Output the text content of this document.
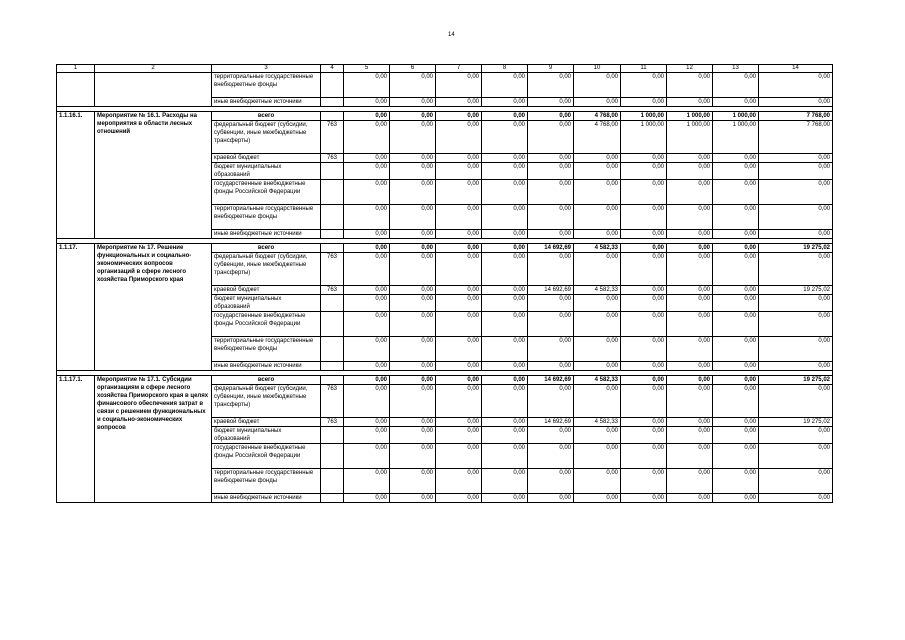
14
1	2	3	4	5	6	7	8	9	10	11	12	13	14
		территориальные государственные внебюджетные фонды		0,00	0,00	0,00	0,00	0,00	0,00	0,00	0,00	0,00	0,00
		иные внебюджетные источники		0,00	0,00	0,00	0,00	0,00	0,00	0,00	0,00	0,00	0,00

1.1.16.1.	Мероприятие № 16.1. Расходы на мероприятия в области лесных отношений	всего		0,00	0,00	0,00	0,00	0,00	4 768,00	1 000,00	1 000,00	1 000,00	7 768,00
		федеральный бюджет (субсидии, субвенции, иные межбюджетные трансферты)	763	0,00	0,00	0,00	0,00	0,00	4 768,00	1 000,00	1 000,00	1 000,00	7 768,00
		краевой бюджет	763	0,00	0,00	0,00	0,00	0,00	0,00	0,00	0,00	0,00	0,00
		бюджет муниципальных образований		0,00	0,00	0,00	0,00	0,00	0,00	0,00	0,00	0,00	0,00
		государственные внебюджетные фонды Российской Федерации		0,00	0,00	0,00	0,00	0,00	0,00	0,00	0,00	0,00	0,00
		территориальные государственные внебюджетные фонды		0,00	0,00	0,00	0,00	0,00	0,00	0,00	0,00	0,00	0,00
		иные внебюджетные источники		0,00	0,00	0,00	0,00	0,00	0,00	0,00	0,00	0,00	0,00

1.1.17.	Мероприятие № 17. Решение функциональных и социально-экономических вопросов организаций в сфере лесного хозяйства Приморского края	всего		0,00	0,00	0,00	0,00	14 692,69	4 582,33	0,00	0,00	0,00	19 275,02
		федеральный бюджет (субсидии, субвенции, иные межбюджетные трансферты)	763	0,00	0,00	0,00	0,00	0,00	0,00	0,00	0,00	0,00	0,00
		краевой бюджет	763	0,00	0,00	0,00	0,00	14 692,69	4 582,33	0,00	0,00	0,00	19 275,02
		бюджет муниципальных образований		0,00	0,00	0,00	0,00	0,00	0,00	0,00	0,00	0,00	0,00
		государственные внебюджетные фонды Российской Федерации		0,00	0,00	0,00	0,00	0,00	0,00	0,00	0,00	0,00	0,00
		территориальные государственные внебюджетные фонды		0,00	0,00	0,00	0,00	0,00	0,00	0,00	0,00	0,00	0,00
		иные внебюджетные источники		0,00	0,00	0,00	0,00	0,00	0,00	0,00	0,00	0,00	0,00

1.1.17.1.	Мероприятие № 17.1. Субсидии организациям в сфере лесного хозяйства Приморского края в целях финансового обеспечения затрат в связи с решением функциональных и социально-экономических вопросов	всего		0,00	0,00	0,00	0,00	14 692,69	4 582,33	0,00	0,00	0,00	19 275,02
		федеральный бюджет (субсидии, субвенции, иные межбюджетные трансферты)	763	0,00	0,00	0,00	0,00	0,00	0,00	0,00	0,00	0,00	0,00
		краевой бюджет	763	0,00	0,00	0,00	0,00	14 692,69	4 582,33	0,00	0,00	0,00	19 275,02
		бюджет муниципальных образований		0,00	0,00	0,00	0,00	0,00	0,00	0,00	0,00	0,00	0,00
		государственные внебюджетные фонды Российской Федерации		0,00	0,00	0,00	0,00	0,00	0,00	0,00	0,00	0,00	0,00
		территориальные государственные внебюджетные фонды		0,00	0,00	0,00	0,00	0,00	0,00	0,00	0,00	0,00	0,00
		иные внебюджетные источники		0,00	0,00	0,00	0,00	0,00	0,00	0,00	0,00	0,00	0,00
